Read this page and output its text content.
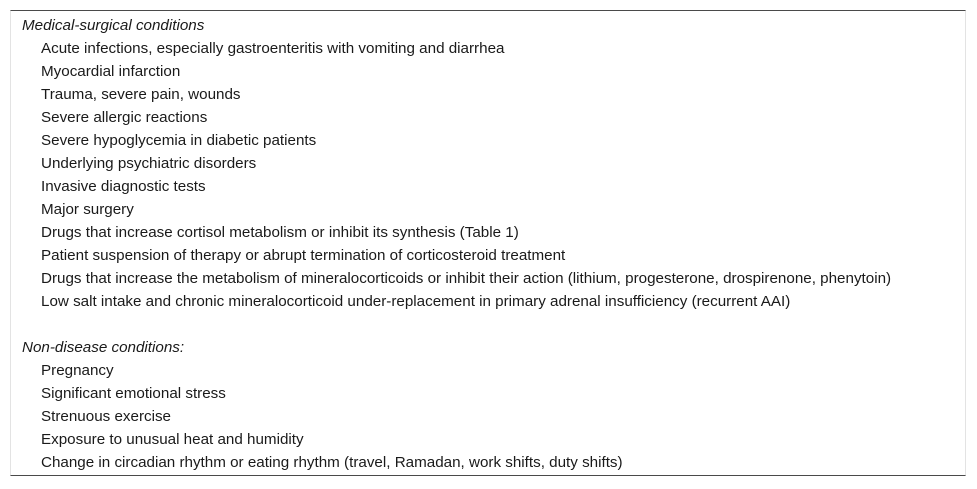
Medical-surgical conditions
Acute infections, especially gastroenteritis with vomiting and diarrhea
Myocardial infarction
Trauma, severe pain, wounds
Severe allergic reactions
Severe hypoglycemia in diabetic patients
Underlying psychiatric disorders
Invasive diagnostic tests
Major surgery
Drugs that increase cortisol metabolism or inhibit its synthesis (Table 1)
Patient suspension of therapy or abrupt termination of corticosteroid treatment
Drugs that increase the metabolism of mineralocorticoids or inhibit their action (lithium, progesterone, drospirenone, phenytoin)
Low salt intake and chronic mineralocorticoid under-replacement in primary adrenal insufficiency (recurrent AAI)
Non-disease conditions:
Pregnancy
Significant emotional stress
Strenuous exercise
Exposure to unusual heat and humidity
Change in circadian rhythm or eating rhythm (travel, Ramadan, work shifts, duty shifts)
